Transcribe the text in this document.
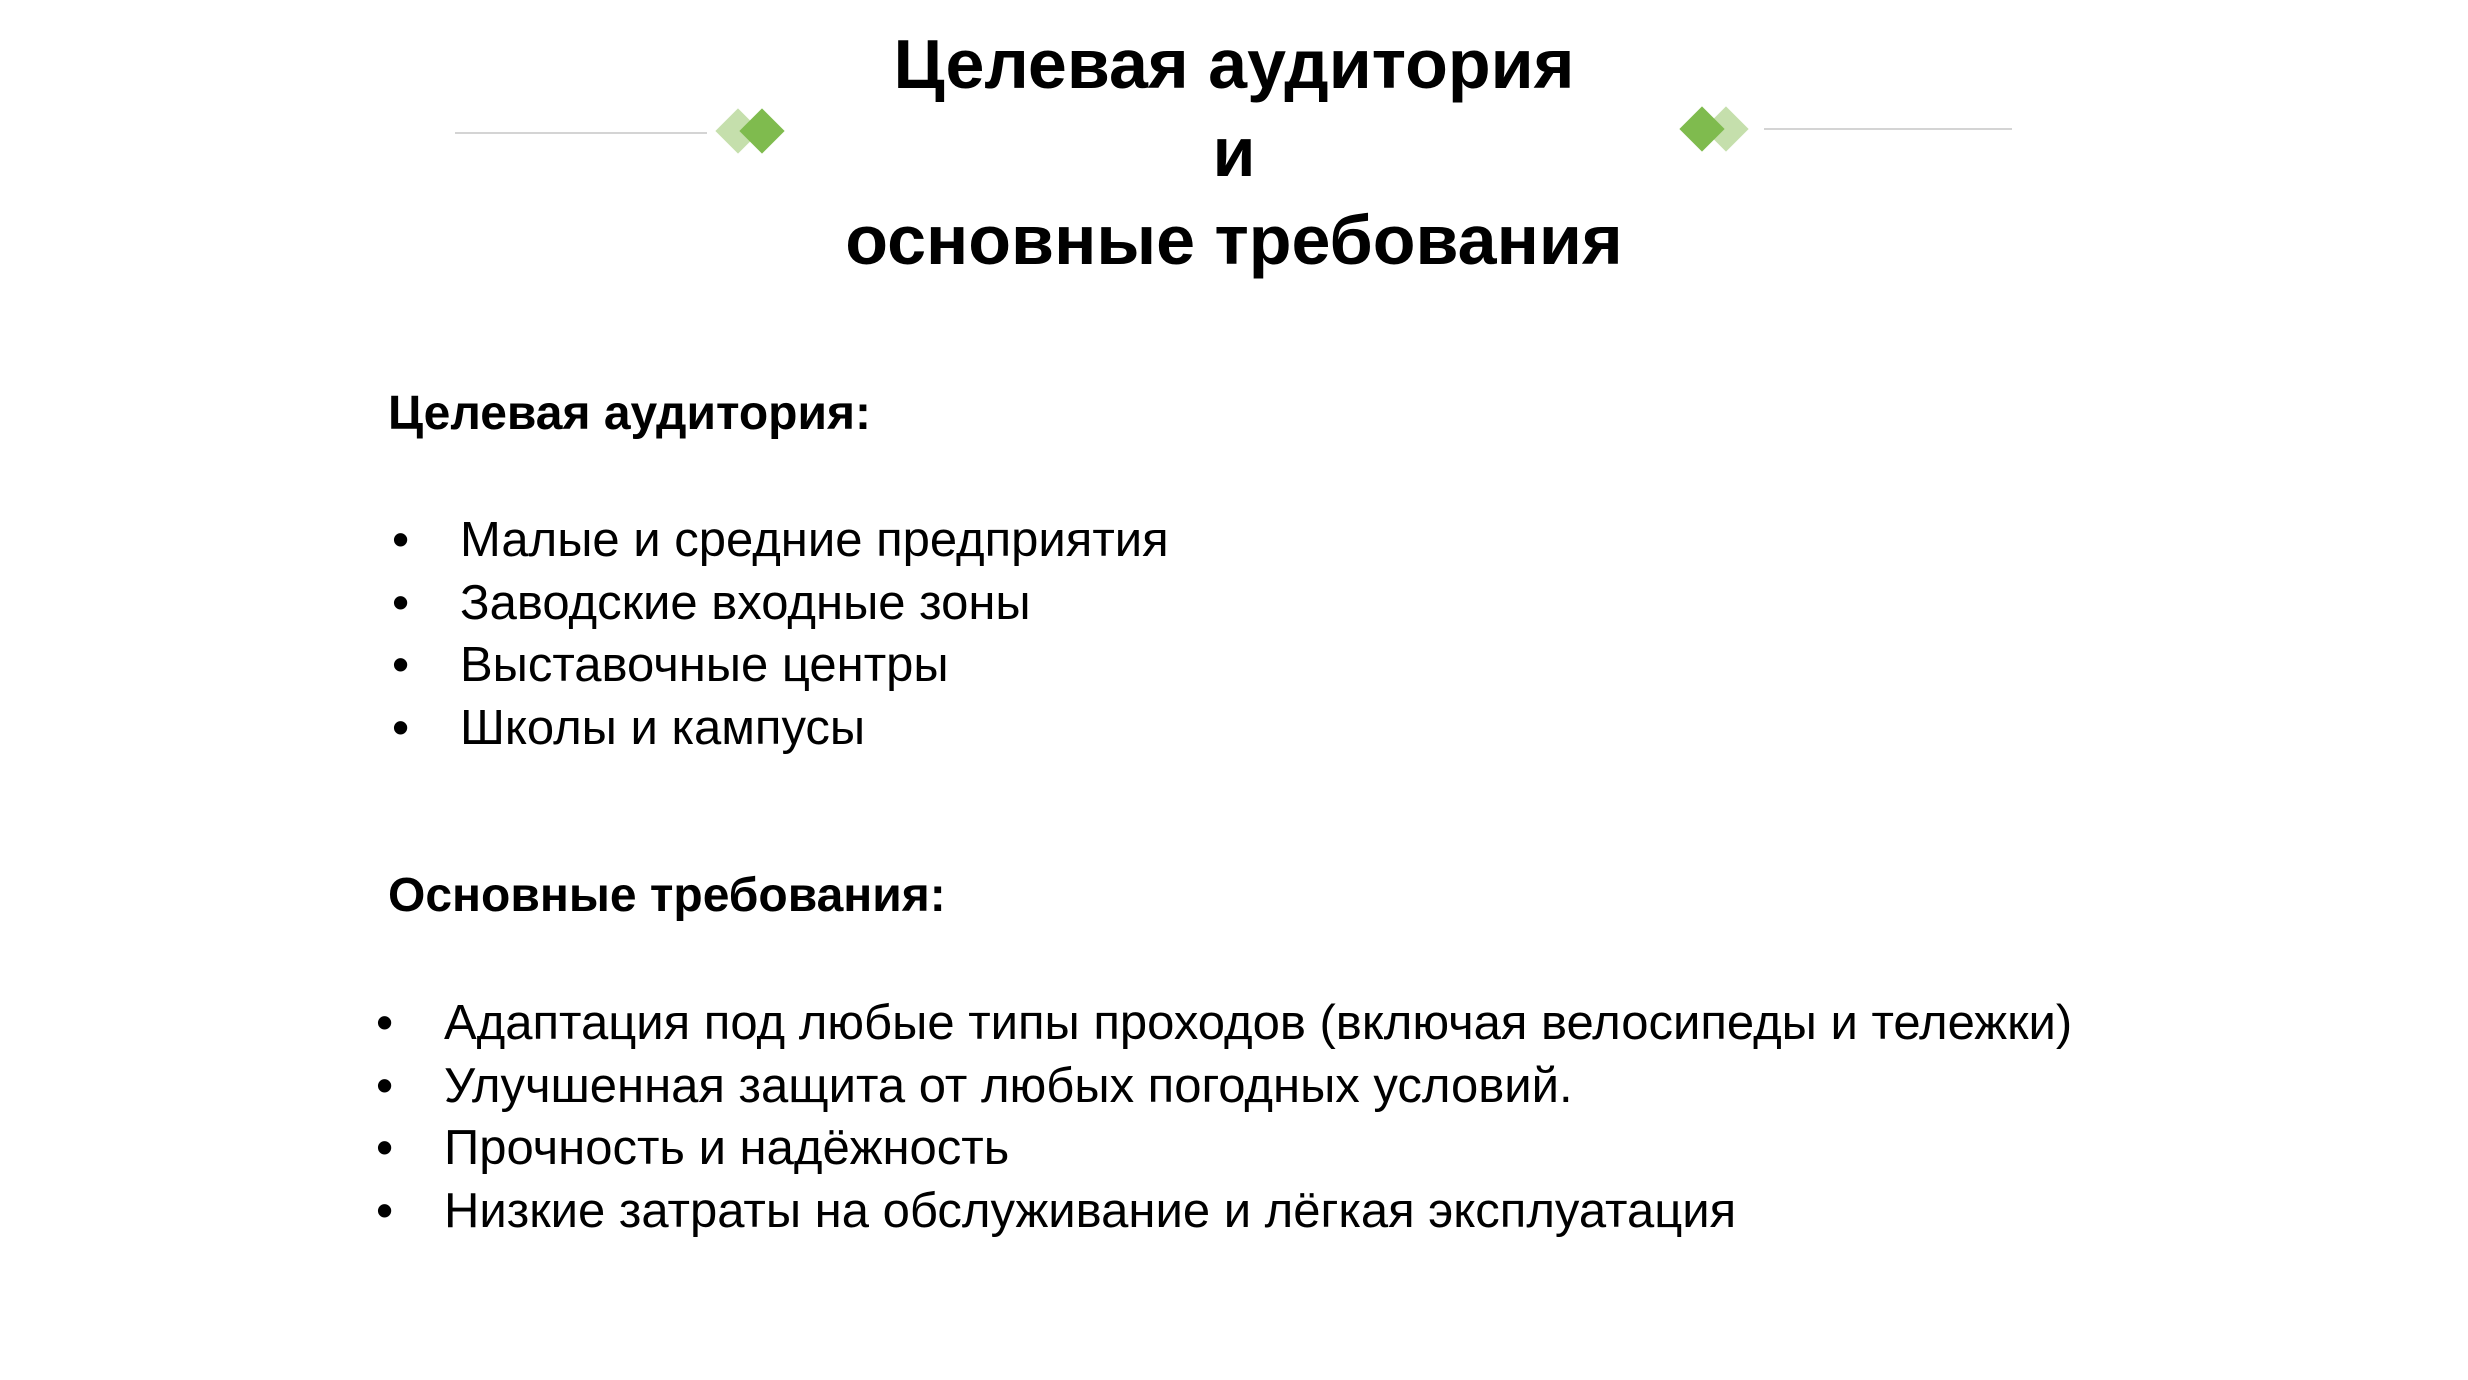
Целевая аудитория
и
основные требования
Целевая аудитория:
• Малые и средние предприятия
• Заводские входные зоны
• Выставочные центры
• Школы и кампусы
Основные требования:
• Адаптация под любые типы проходов (включая велосипеды и тележки)
• Улучшенная защита от любых погодных условий.
• Прочность и надёжность
• Низкие затраты на обслуживание и лёгкая эксплуатация
